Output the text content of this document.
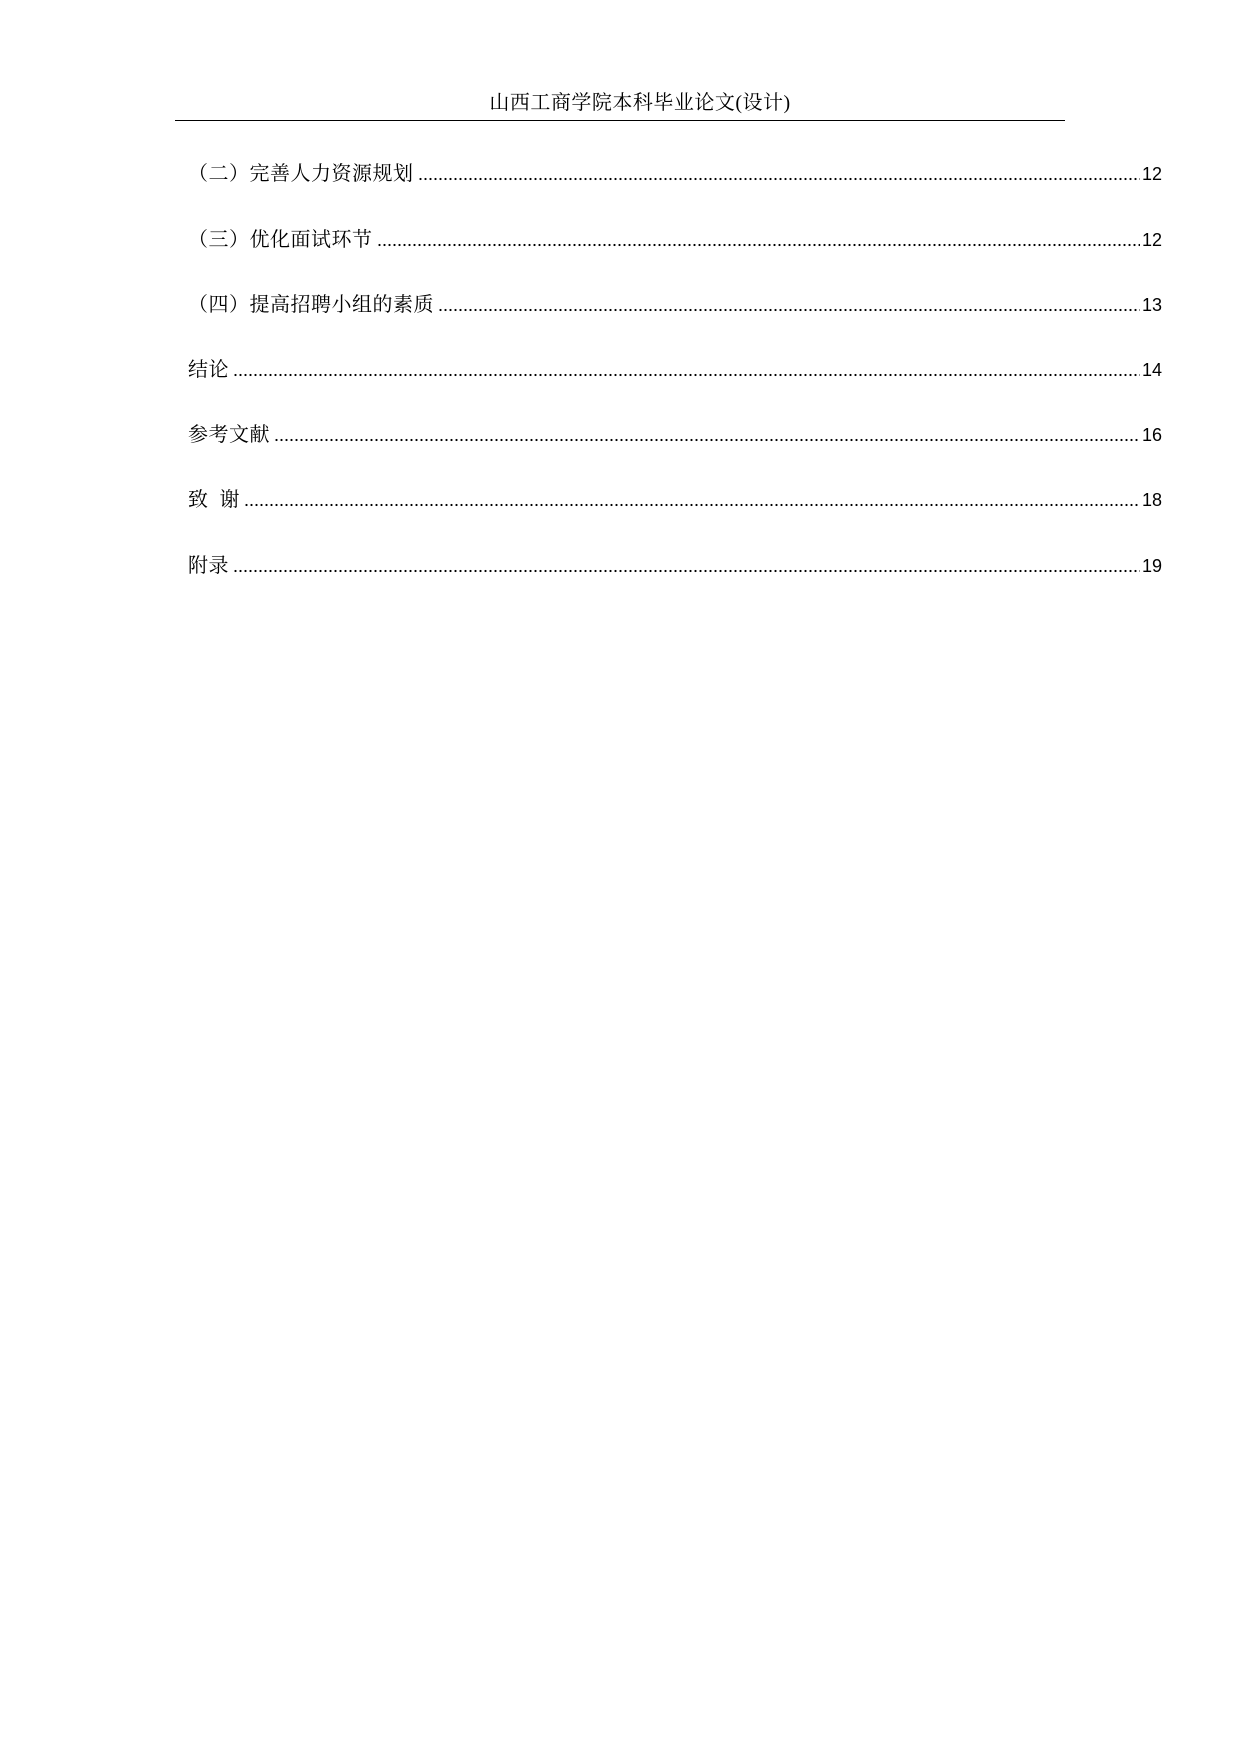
山西工商学院本科毕业论文(设计)
（二）完善人力资源规划	12
（三）优化面试环节	12
（四）提高招聘小组的素质	13
结论	14
参考文献	16
致  谢	18
附录	19
